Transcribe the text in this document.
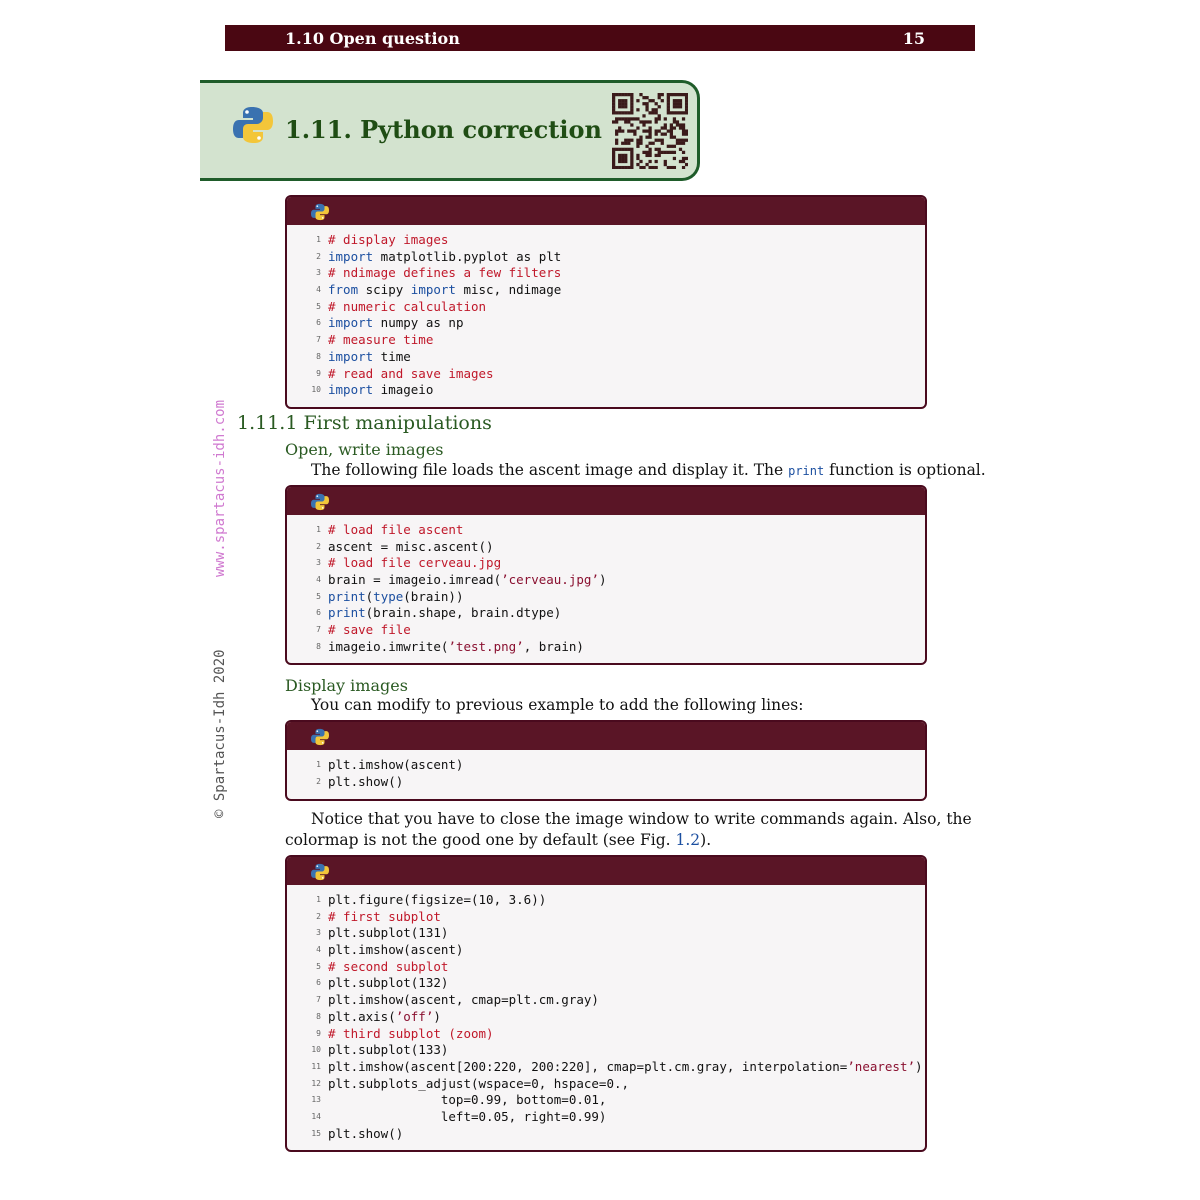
1.10 Open question	15
www.spartacus-idh.com
© Spartacus-Idh 2020
1.11. Python correction
1 # display images
2 import matplotlib.pyplot as plt
3 # ndimage defines a few filters
4 from scipy import misc, ndimage
5 # numeric calculation
6 import numpy as np
7 # measure time
8 import time
9 # read and save images
10 import imageio
1.11.1 First manipulations
Open, write images
The following file loads the ascent image and display it. The print function is optional.
1 # load file ascent
2 ascent = misc.ascent()
3 # load file cerveau.jpg
4 brain = imageio.imread(’cerveau.jpg’)
5 print(type(brain))
6 print(brain.shape, brain.dtype)
7 # save file
8 imageio.imwrite(’test.png’, brain)
Display images
You can modify to previous example to add the following lines:
1 plt.imshow(ascent)
2 plt.show()
Notice that you have to close the image window to write commands again. Also, the
colormap is not the good one by default (see Fig. 1.2).
1 plt.figure(figsize=(10, 3.6))
2 # first subplot
3 plt.subplot(131)
4 plt.imshow(ascent)
5 # second subplot
6 plt.subplot(132)
7 plt.imshow(ascent, cmap=plt.cm.gray)
8 plt.axis(’off’)
9 # third subplot (zoom)
10 plt.subplot(133)
11 plt.imshow(ascent[200:220, 200:220], cmap=plt.cm.gray, interpolation=’nearest’)
12 plt.subplots_adjust(wspace=0, hspace=0.,
13 top=0.99, bottom=0.01,
14 left=0.05, right=0.99)
15 plt.show()
